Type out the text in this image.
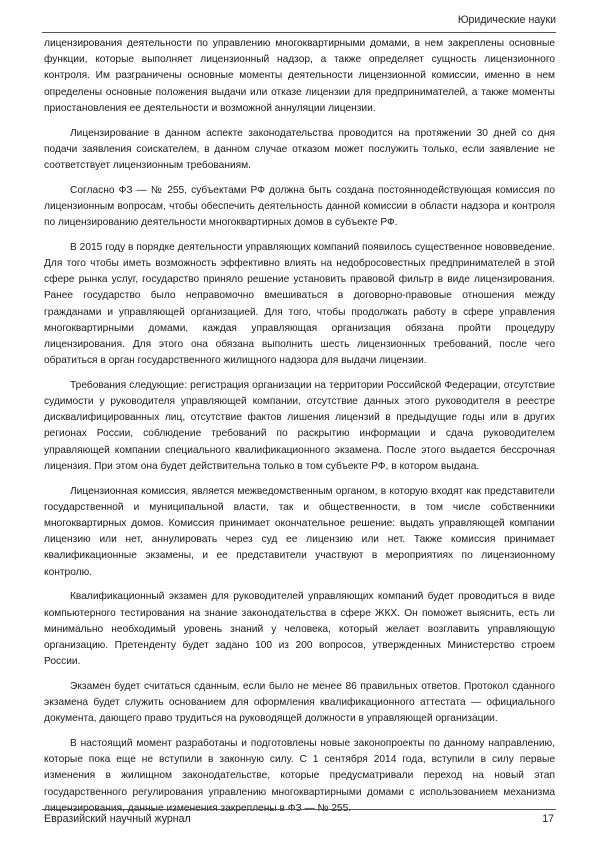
Юридические науки

лицензирования деятельности по управлению многоквартирными домами, в нем закреплены основные функции, которые выполняет лицензионный надзор, а также определяет сущность лицензионного контроля. Им разграничены основные моменты деятельности лицензионной комиссии, именно в нем определены основные положения выдачи или отказе лицензии для предпринимателей, а также моменты приостановления ее деятельности и возможной аннуляции лицензии.

Лицензирование в данном аспекте законодательства проводится на протяжении 30 дней со дня подачи заявления соискателем, в данном случае отказом может послужить только, если заявление не соответствует лицензионным требованиям.

Согласно ФЗ — № 255, субъектами РФ должна быть создана постояннодействующая комиссия по лицензионным вопросам, чтобы обеспечить деятельность данной комиссии в области надзора и контроля по лицензированию деятельности многоквартирных домов в субъекте РФ.

В 2015 году в порядке деятельности управляющих компаний появилось существенное нововведение. Для того чтобы иметь возможность эффективно влиять на недобросовестных предпринимателей в этой сфере рынка услуг, государство приняло решение установить правовой фильтр в виде лицензирования. Ранее государство было неправомочно вмешиваться в договорно-правовые отношения между гражданами и управляющей организацией. Для того, чтобы продолжать работу в сфере управления многоквартирными домами, каждая управляющая организация обязана пройти процедуру лицензирования. Для этого она обязана выполнить шесть лицензионных требований, после чего обратиться в орган государственного жилищного надзора для выдачи лицензии.

Требования следующие: регистрация организации на территории Российской Федерации, отсутствие судимости у руководителя управляющей компании, отсутствие данных этого руководителя в реестре дисквалифицированных лиц, отсутствие фактов лишения лицензий в предыдущие годы или в других регионах России, соблюдение требований по раскрытию информации и сдача руководителем управляющей компании специального квалификационного экзамена. После этого выдается бессрочная лицензия. При этом она будет действительна только в том субъекте РФ, в котором выдана.

Лицензионная комиссия, является межведомственным органом, в которую входят как представители государственной и муниципальной власти, так и общественности, в том числе собственники многоквартирных домов. Комиссия принимает окончательное решение: выдать управляющей компании лицензию или нет, аннулировать через суд ее лицензию или нет. Также комиссия принимает квалификационные экзамены, и ее представители участвуют в мероприятиях по лицензионному контролю.

Квалификационный экзамен для руководителей управляющих компаний будет проводиться в виде компьютерного тестирования на знание законодательства в сфере ЖКХ. Он поможет выяснить, есть ли минимально необходимый уровень знаний у человека, который желает возглавить управляющую организацию. Претенденту будет задано 100 из 200 вопросов, утвержденных Министерство строем России.

Экзамен будет считаться сданным, если было не менее 86 правильных ответов. Протокол сданного экзамена будет служить основанием для оформления квалификационного аттестата — официального документа, дающего право трудиться на руководящей должности в управляющей организации.

В настоящий момент разработаны и подготовлены новые законопроекты по данному направлению, которые пока еще не вступили в законную силу. С 1 сентября 2014 года, вступили в силу первые изменения в жилищном законодательстве, которые предусматривали переход на новый этап государственного регулирования управлению многоквартирными домами с использованием механизма лицензирования, данные изменения закреплены в ФЗ — № 255.

Евразийский научный журнал	17
